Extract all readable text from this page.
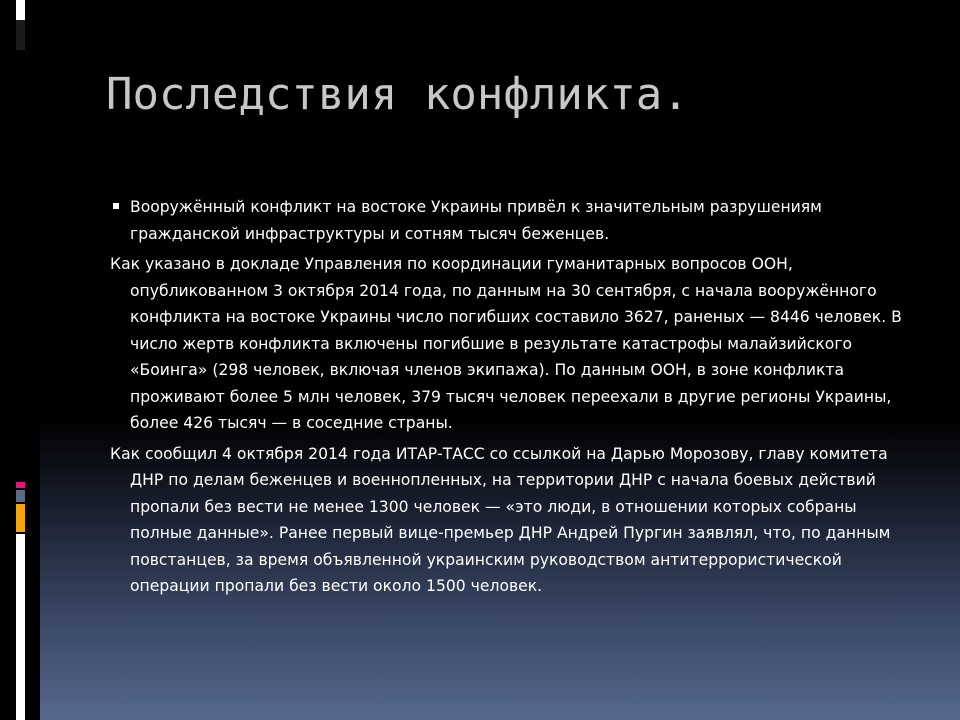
Последствия конфликта.
Вооружённый конфликт на востоке Украины привёл к значительным разрушениям гражданской инфраструктуры и сотням тысяч беженцев.

Как указано в докладе Управления по координации гуманитарных вопросов ООН, опубликованном 3 октября 2014 года, по данным на 30 сентября, с начала вооружённого конфликта на востоке Украины число погибших составило 3627, раненых — 8446 человек. В число жертв конфликта включены погибшие в результате катастрофы малайзийского «Боинга» (298 человек, включая членов экипажа). По данным ООН, в зоне конфликта проживают более 5 млн человек, 379 тысяч человек переехали в другие регионы Украины, более 426 тысяч — в соседние страны.

Как сообщил 4 октября 2014 года ИТАР-ТАСС со ссылкой на Дарью Морозову, главу комитета ДНР по делам беженцев и военнопленных, на территории ДНР с начала боевых действий пропали без вести не менее 1300 человек — «это люди, в отношении которых собраны полные данные». Ранее первый вице-премьер ДНР Андрей Пургин заявлял, что, по данным повстанцев, за время объявленной украинским руководством антитеррористической операции пропали без вести около 1500 человек.
